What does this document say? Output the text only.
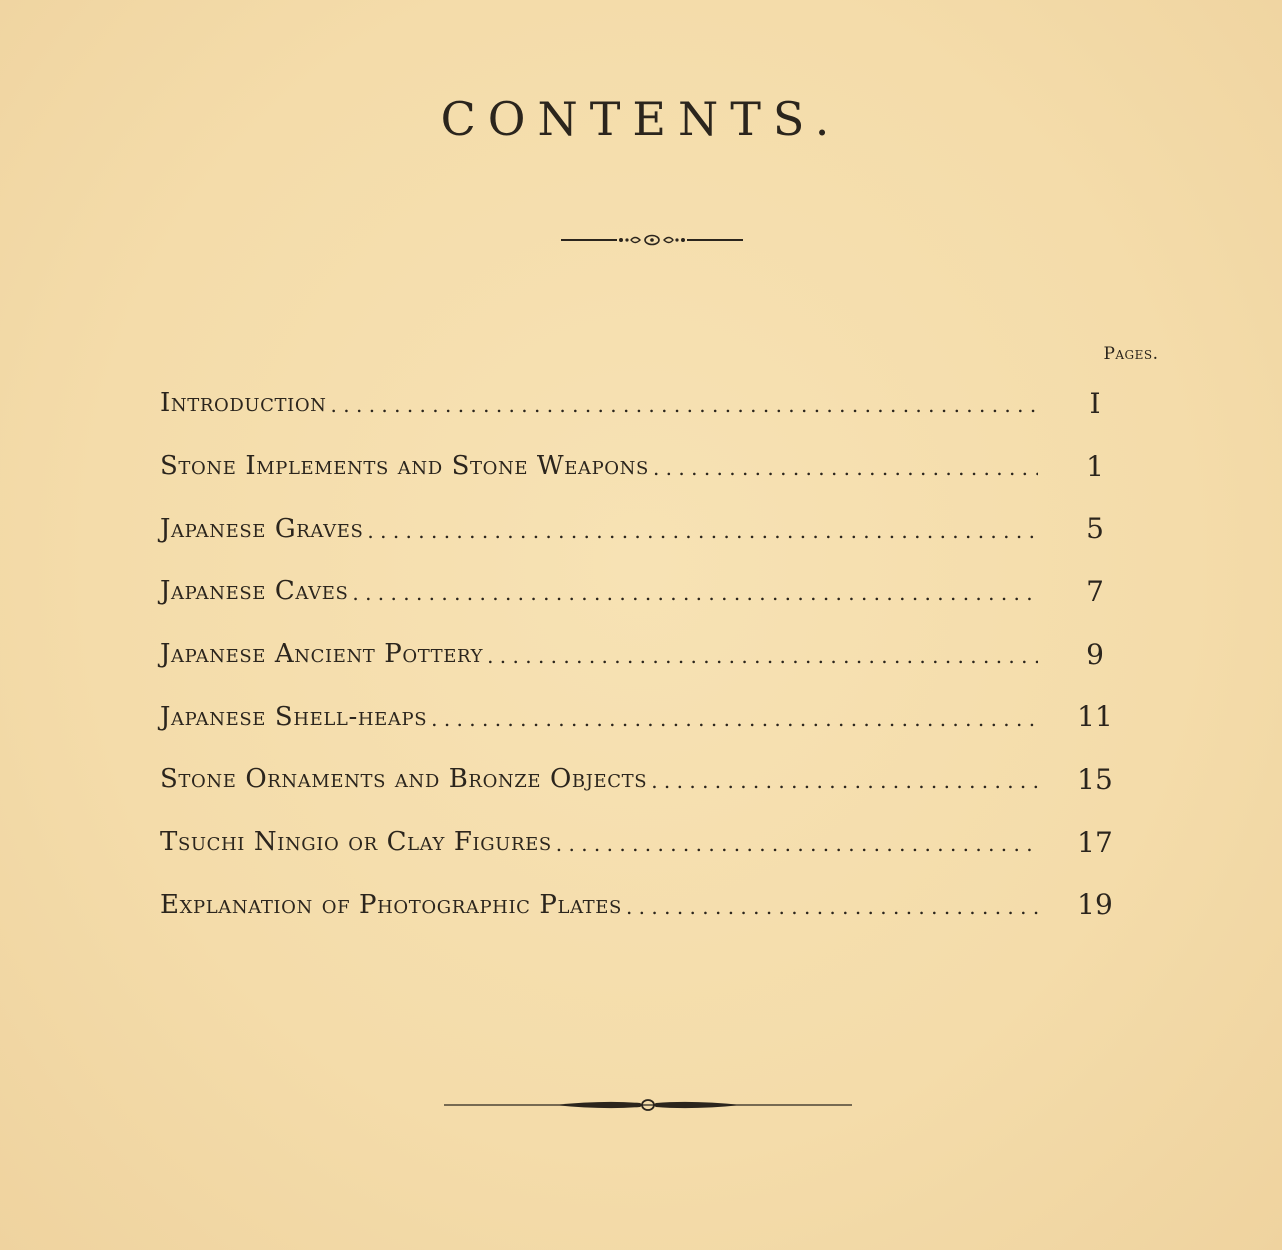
CONTENTS.
Pages.
Introduction . . .	I
Stone Implements and Stone Weapons . . .	1
Japanese Graves . . .	5
Japanese Caves . . .	7
Japanese Ancient Pottery . . .	9
Japanese Shell-heaps . . .	11
Stone Ornaments and Bronze Objects . . .	15
Tsuchi Ningio or Clay Figures . . .	17
Explanation of Photographic Plates . . .	19
